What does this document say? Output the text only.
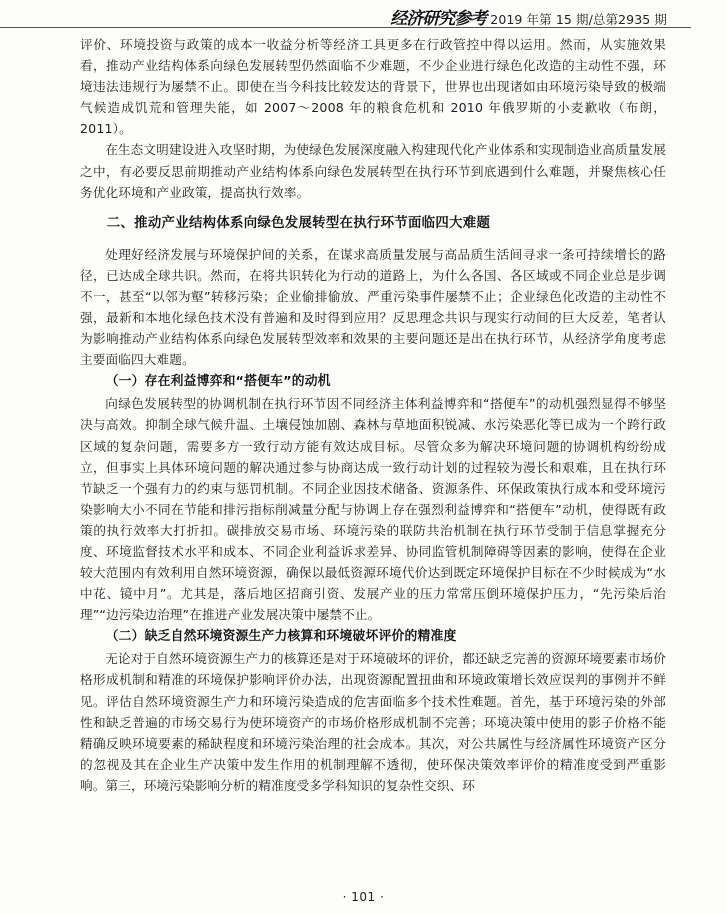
经济研究参考 2019 年第 15 期/总第2935 期

评价、环境投资与政策的成本一收益分析等经济工具更多在行政管控中得以运用。然而，从实施效果看，推动产业结构体系向绿色发展转型仍然面临不少难题，不少企业进行绿色化改造的主动性不强，环境违法违规行为屡禁不止。即使在当今科技比较发达的背景下，世界也出现诸如由环境污染导致的极端气候造成饥荒和管理失能，如 2007～2008 年的粮食危机和 2010 年俄罗斯的小麦歉收（布朗，2011）。

在生态文明建设进入攻坚时期，为使绿色发展深度融入构建现代化产业体系和实现制造业高质量发展之中，有必要反思前期推动产业结构体系向绿色发展转型在执行环节到底遇到什么难题，并聚焦核心任务优化环境和产业政策，提高执行效率。

二、推动产业结构体系向绿色发展转型在执行环节面临四大难题

处理好经济发展与环境保护间的关系，在谋求高质量发展与高品质生活间寻求一条可持续增长的路径，已达成全球共识。然而，在将共识转化为行动的道路上，为什么各国、各区域或不同企业总是步调不一，甚至“以邻为壑”转移污染；企业偷排偷放、严重污染事件屡禁不止；企业绿色化改造的主动性不强，最新和本地化绿色技术没有普遍和及时得到应用？反思理念共识与现实行动间的巨大反差，笔者认为影响推动产业结构体系向绿色发展转型效率和效果的主要问题还是出在执行环节，从经济学角度考虑主要面临四大难题。

（一）存在利益博弈和“搭便车”的动机

向绿色发展转型的协调机制在执行环节因不同经济主体利益博弈和“搭便车”的动机强烈显得不够坚决与高效。抑制全球气候升温、土壤侵蚀加剧、森林与草地面积锐减、水污染恶化等已成为一个跨行政区域的复杂问题，需要多方一致行动方能有效达成目标。尽管众多为解决环境问题的协调机构纷纷成立，但事实上具体环境问题的解决通过参与协商达成一致行动计划的过程较为漫长和艰难，且在执行环节缺乏一个强有力的约束与惩罚机制。不同企业因技术储备、资源条件、环保政策执行成本和受环境污染影响大小不同在节能和排污指标削减量分配与协调上存在强烈利益博弈和“搭便车”动机，使得既有政策的执行效率大打折扣。碳排放交易市场、环境污染的联防共治机制在执行环节受制于信息掌握充分度、环境监督技术水平和成本、不同企业利益诉求差异、协同监管机制障碍等因素的影响，使得在企业较大范围内有效利用自然环境资源，确保以最低资源环境代价达到既定环境保护目标在不少时候成为“水中花、镜中月”。尤其是，落后地区招商引资、发展产业的压力常常压倒环境保护压力，“先污染后治理”“边污染边治理”在推进产业发展决策中屡禁不止。

（二）缺乏自然环境资源生产力核算和环境破坏评价的精准度

无论对于自然环境资源生产力的核算还是对于环境破坏的评价，都还缺乏完善的资源环境要素市场价格形成机制和精准的环境保护影响评价办法，出现资源配置扭曲和环境政策增长效应误判的事例并不鲜见。评估自然环境资源生产力和环境污染造成的危害面临多个技术性难题。首先，基于环境污染的外部性和缺乏普遍的市场交易行为使环境资产的市场价格形成机制不完善；环境决策中使用的影子价格不能精确反映环境要素的稀缺程度和环境污染治理的社会成本。其次，对公共属性与经济属性环境资产区分的忽视及其在企业生产决策中发生作用的机制理解不透彻，使环保决策效率评价的精准度受到严重影响。第三，环境污染影响分析的精准度受多学科知识的复杂性交织、环

· 101 ·
